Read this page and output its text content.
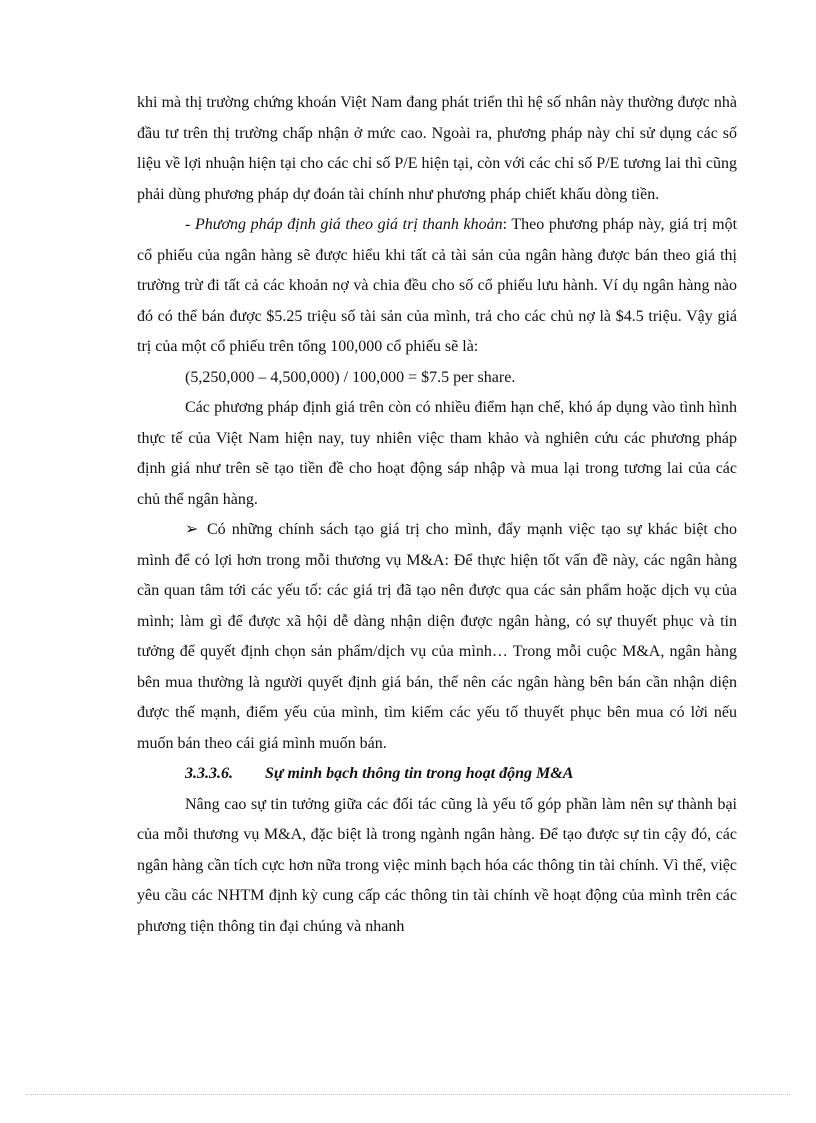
khi mà thị trường chứng khoán Việt Nam đang phát triển thì hệ số nhân này thường được nhà đầu tư trên thị trường chấp nhận ở mức cao. Ngoài ra, phương pháp này chỉ sử dụng các số liệu về lợi nhuận hiện tại cho các chỉ số P/E hiện tại, còn với các chỉ số P/E tương lai thì cũng phải dùng phương pháp dự đoán tài chính như phương pháp chiết khấu dòng tiền.

- Phương pháp định giá theo giá trị thanh khoản: Theo phương pháp này, giá trị một cổ phiếu của ngân hàng sẽ được hiểu khi tất cả tài sản của ngân hàng được bán theo giá thị trường trừ đi tất cả các khoản nợ và chia đều cho số cổ phiếu lưu hành. Ví dụ ngân hàng nào đó có thể bán được $5.25 triệu số tài sản của mình, trả cho các chủ nợ là $4.5 triệu. Vậy giá trị của một cổ phiếu trên tổng 100,000 cổ phiếu sẽ là:

(5,250,000 – 4,500,000) / 100,000 = $7.5 per share.

Các phương pháp định giá trên còn có nhiều điểm hạn chế, khó áp dụng vào tình hình thực tế của Việt Nam hiện nay, tuy nhiên việc tham khảo và nghiên cứu các phương pháp định giá như trên sẽ tạo tiền đề cho hoạt động sáp nhập và mua lại trong tương lai của các chủ thể ngân hàng.

➢ Có những chính sách tạo giá trị cho mình, đẩy mạnh việc tạo sự khác biệt cho mình để có lợi hơn trong mỗi thương vụ M&A: Để thực hiện tốt vấn đề này, các ngân hàng cần quan tâm tới các yếu tố: các giá trị đã tạo nên được qua các sản phẩm hoặc dịch vụ của mình; làm gì để được xã hội dễ dàng nhận diện được ngân hàng, có sự thuyết phục và tin tưởng để quyết định chọn sản phẩm/dịch vụ của mình… Trong mỗi cuộc M&A, ngân hàng bên mua thường là người quyết định giá bán, thế nên các ngân hàng bên bán cần nhận diện được thế mạnh, điểm yếu của mình, tìm kiếm các yếu tố thuyết phục bên mua có lời nếu muốn bán theo cái giá mình muốn bán.

3.3.3.6. Sự minh bạch thông tin trong hoạt động M&A

Nâng cao sự tin tưởng giữa các đối tác cũng là yếu tố góp phần làm nên sự thành bại của mỗi thương vụ M&A, đặc biệt là trong ngành ngân hàng. Để tạo được sự tin cậy đó, các ngân hàng cần tích cực hơn nữa trong việc minh bạch hóa các thông tin tài chính. Vì thế, việc yêu cầu các NHTM định kỳ cung cấp các thông tin tài chính về hoạt động của mình trên các phương tiện thông tin đại chúng và nhanh
